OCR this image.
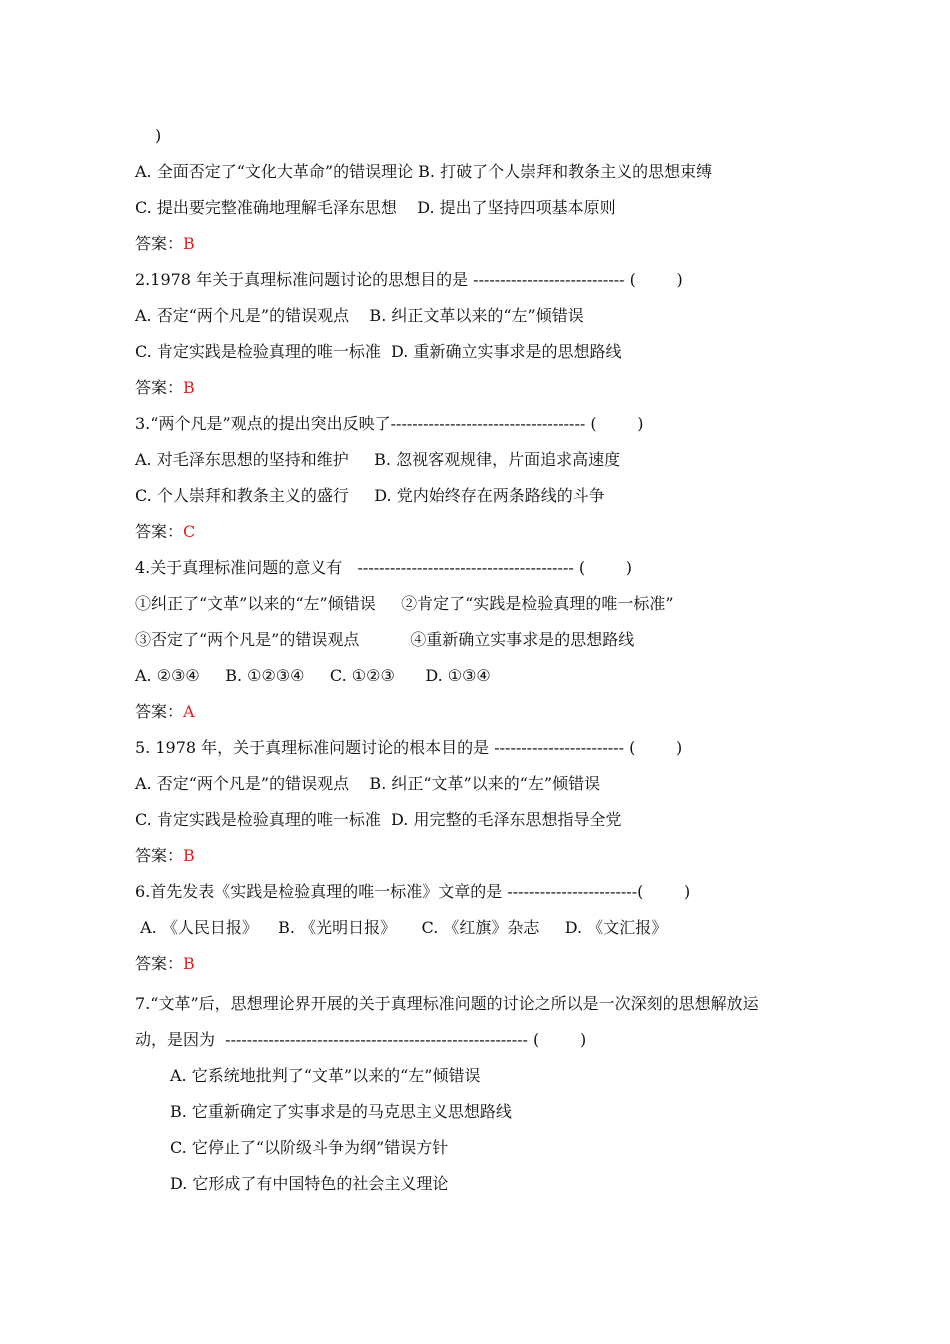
)
A. 全面否定了“文化大革命”的错误理论 B. 打破了个人崇拜和教条主义的思想束缚
C. 提出要完整准确地理解毛泽东思想    D. 提出了坚持四项基本原则
答案：B
2.1978 年关于真理标准问题讨论的思想目的是 ---------------------------- (        )
A. 否定“两个凡是”的错误观点    B. 纠正文革以来的“左”倾错误
C. 肯定实践是检验真理的唯一标准  D. 重新确立实事求是的思想路线
答案：B
3.“两个凡是”观点的提出突出反映了------------------------------------ (        )
A. 对毛泽东思想的坚持和维护     B. 忽视客观规律，片面追求高速度
C. 个人崇拜和教条主义的盛行     D. 党内始终存在两条路线的斗争
答案：C
4.关于真理标准问题的意义有   ---------------------------------------- (        )
①纠正了“文革”以来的“左”倾错误     ②肯定了“实践是检验真理的唯一标准”
③否定了“两个凡是”的错误观点          ④重新确立实事求是的思想路线
A. ②③④     B. ①②③④     C. ①②③      D. ①③④
答案：A
5. 1978 年，关于真理标准问题讨论的根本目的是 ------------------------ (        )
A. 否定“两个凡是”的错误观点    B. 纠正“文革”以来的“左”倾错误
C. 肯定实践是检验真理的唯一标准  D. 用完整的毛泽东思想指导全党
答案：B
6.首先发表《实践是检验真理的唯一标准》文章的是 ------------------------(        )
A. 《人民日报》    B. 《光明日报》     C. 《红旗》杂志     D. 《文汇报》
答案：B
7.“文革”后，思想理论界开展的关于真理标准问题的讨论之所以是一次深刻的思想解放运
动，是因为  -------------------------------------------------------- (        )
A. 它系统地批判了“文革”以来的“左”倾错误
B. 它重新确定了实事求是的马克思主义思想路线
C. 它停止了“以阶级斗争为纲”错误方针
D. 它形成了有中国特色的社会主义理论
